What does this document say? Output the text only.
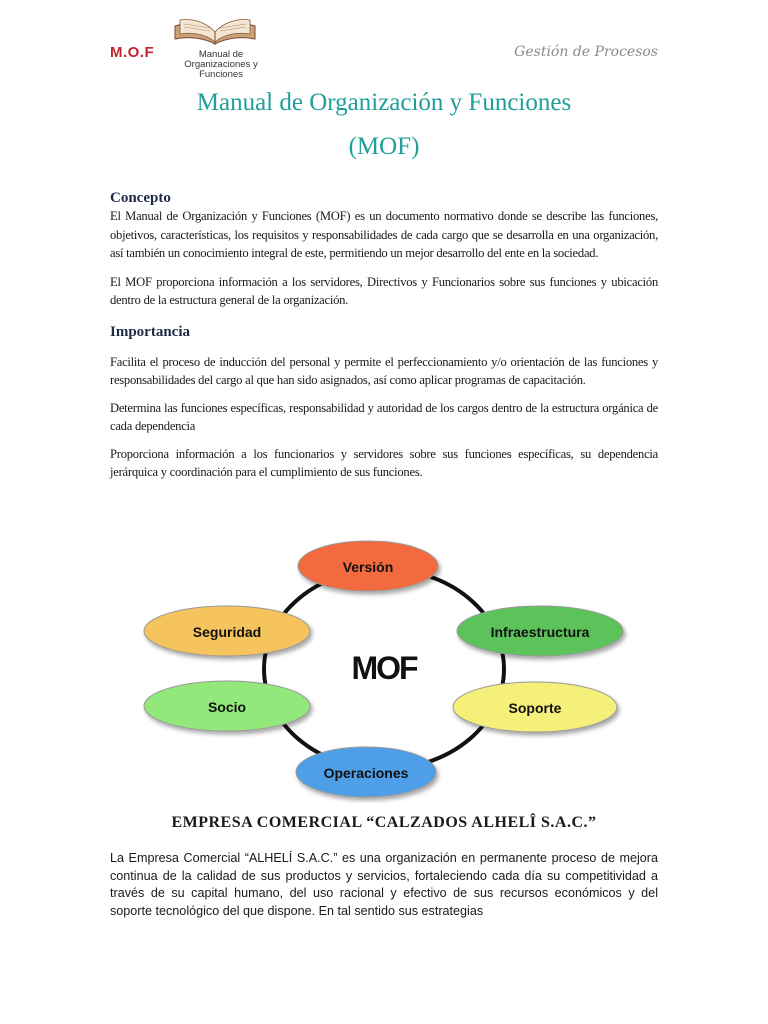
M.O.F	Manual de Organizaciones y Funciones
Gestión de Procesos
Manual de Organización y Funciones
(MOF)
Concepto

El Manual de Organización y Funciones (MOF) es un documento normativo donde se describe las funciones, objetivos, características, los requisitos y responsabilidades de cada cargo que se desarrolla en una organización, así también un conocimiento integral de este, permitiendo un mejor desarrollo del ente en la sociedad.

El MOF proporciona información a los servidores, Directivos y Funcionarios sobre sus funciones y ubicación dentro de la estructura general de la organización.

Importancia

Facilita el proceso de inducción del personal y permite el perfeccionamiento y/o orientación de las funciones y responsabilidades del cargo al que han sido asignados, así como aplicar programas de capacitación.

Determina las funciones específicas, responsabilidad y autoridad de los cargos dentro de la estructura orgánica de cada dependencia

Proporciona información a los funcionarios y servidores sobre sus funciones específicas, su dependencia jerárquica y coordinación para el cumplimiento de sus funciones.

MOF
Versión
Infraestructura
Soporte
Operaciones
Socio
Seguridad
EMPRESA COMERCIAL “CALZADOS ALHELÎ S.A.C.”
La Empresa Comercial “ALHELÍ S.A.C.” es una organización en permanente proceso de mejora continua de la calidad de sus productos y servicios, fortaleciendo cada día su competitividad a través de su capital humano, del uso racional y efectivo de sus recursos económicos y del soporte tecnológico del que dispone. En tal sentido sus estrategias
